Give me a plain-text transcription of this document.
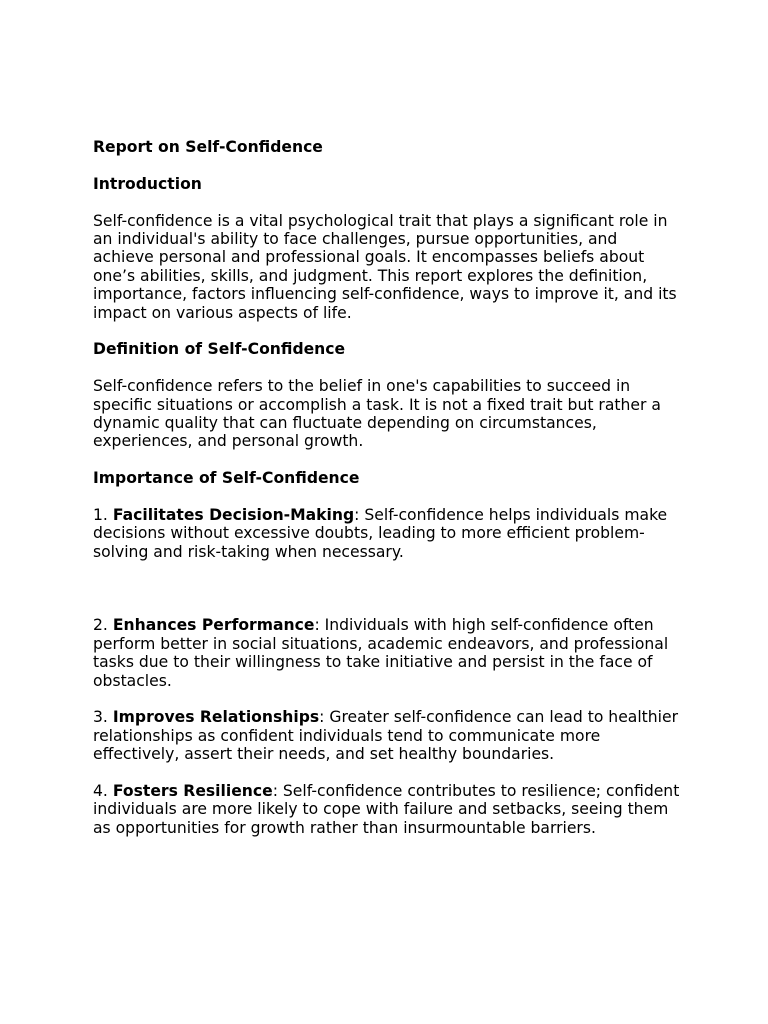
Report on Self-Confidence
Introduction

Self-confidence is a vital psychological trait that plays a significant role in an individual's ability to face challenges, pursue opportunities, and achieve personal and professional goals. It encompasses beliefs about one’s abilities, skills, and judgment. This report explores the definition, importance, factors influencing self-confidence, ways to improve it, and its impact on various aspects of life.

Definition of Self-Confidence

Self-confidence refers to the belief in one's capabilities to succeed in specific situations or accomplish a task. It is not a fixed trait but rather a dynamic quality that can fluctuate depending on circumstances, experiences, and personal growth.

Importance of Self-Confidence

1. Facilitates Decision-Making: Self-confidence helps individuals make decisions without excessive doubts, leading to more efficient problem-solving and risk-taking when necessary.

2. Enhances Performance: Individuals with high self-confidence often perform better in social situations, academic endeavors, and professional tasks due to their willingness to take initiative and persist in the face of obstacles.

3. Improves Relationships: Greater self-confidence can lead to healthier relationships as confident individuals tend to communicate more effectively, assert their needs, and set healthy boundaries.

4. Fosters Resilience: Self-confidence contributes to resilience; confident individuals are more likely to cope with failure and setbacks, seeing them as opportunities for growth rather than insurmountable barriers.
